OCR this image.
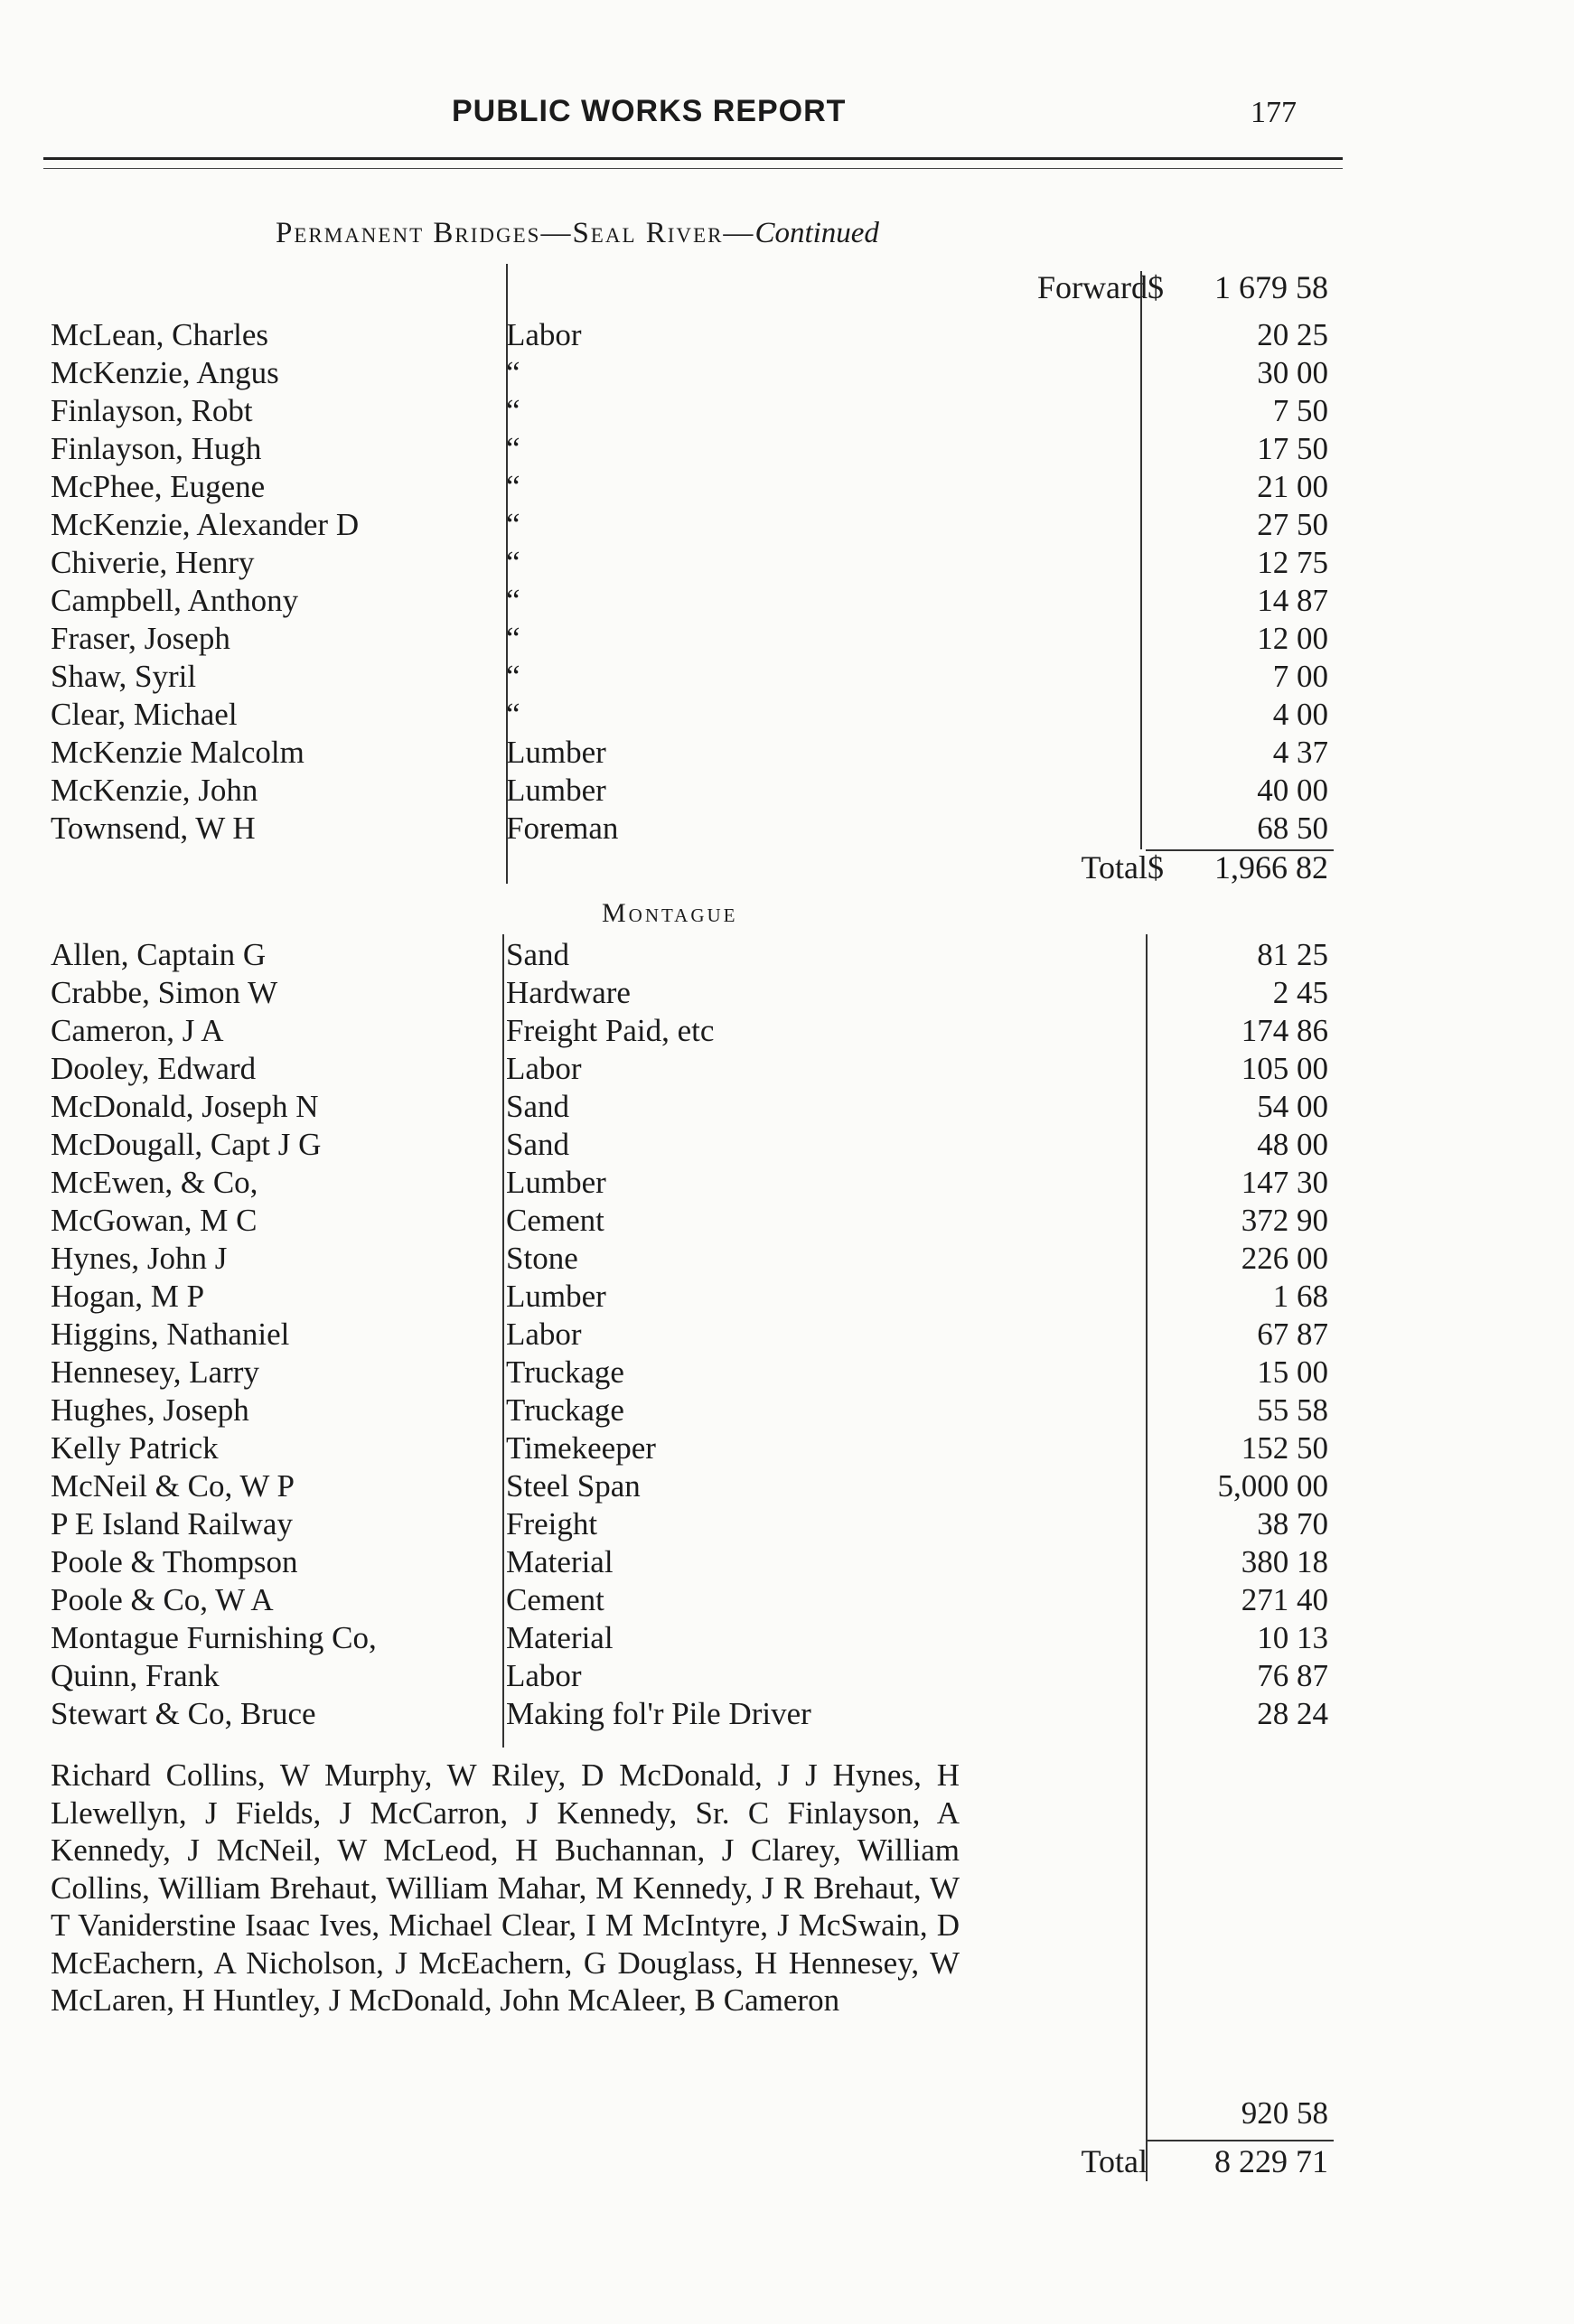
PUBLIC WORKS REPORT	177
Permanent Bridges—Seal River—Continued
Forward $ 1 679 58
McLean, Charles	Labor	20 25
McKenzie, Angus	“	30 00
Finlayson, Robt	“	7 50
Finlayson, Hugh	“	17 50
McPhee, Eugene	“	21 00
McKenzie, Alexander D	“	27 50
Chiverie, Henry	“	12 75
Campbell, Anthony	“	14 87
Fraser, Joseph	“	12 00
Shaw, Syril	“	7 00
Clear, Michael	“	4 00
McKenzie Malcolm	Lumber	4 37
McKenzie, John	Lumber	40 00
Townsend, W H	Foreman	68 50
Total $ 1,966 82
Montague
Allen, Captain G	Sand	81 25
Crabbe, Simon W	Hardware	2 45
Cameron, J A	Freight Paid, etc	174 86
Dooley, Edward	Labor	105 00
McDonald, Joseph N	Sand	54 00
McDougall, Capt J G	Sand	48 00
McEwen, & Co,	Lumber	147 30
McGowan, M C	Cement	372 90
Hynes, John J	Stone	226 00
Hogan, M P	Lumber	1 68
Higgins, Nathaniel	Labor	67 87
Hennesey, Larry	Truckage	15 00
Hughes, Joseph	Truckage	55 58
Kelly Patrick	Timekeeper	152 50
McNeil & Co, W P	Steel Span	5,000 00
P E Island Railway	Freight	38 70
Poole & Thompson	Material	380 18
Poole & Co, W A	Cement	271 40
Montague Furnishing Co,	Material	10 13
Quinn, Frank	Labor	76 87
Stewart & Co, Bruce	Making fol'r Pile Driver	28 24
Richard Collins, W Murphy, W Riley, D McDonald, J J Hynes, H Llewellyn, J Fields, J McCarron, J Kennedy, Sr. C Finlayson, A Kennedy, J McNeil, W McLeod, H Buchannan, J Clarey, William Collins, William Brehaut, William Mahar, M Kennedy, J R Brehaut, W T Vaniderstine Isaac Ives, Michael Clear, I M McIntyre, J McSwain, D McEachern, A Nicholson, J McEachern, G Douglass, H Hennesey, W McLaren, H Huntley, J McDonald, John McAleer, B Cameron
920 58
Total 8 229 71
